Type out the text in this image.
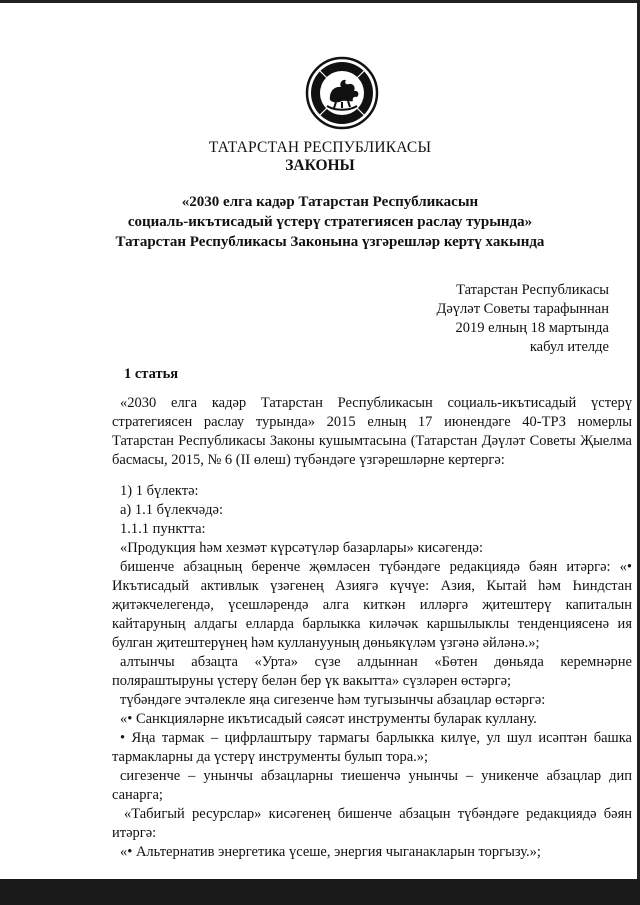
ТАТАРСТАН РЕСПУБЛИКАСЫ
ЗАКОНЫ
«2030 елга кадәр Татарстан Республикасын
социаль-икътисадый үстерү стратегиясен раслау турында»
Татарстан Республикасы Законына үзгәрешләр кертү хакында
Татарстан Республикасы
Дәүләт Советы тарафыннан
2019 елның 18 мартында
кабул ителде
1 статья

«2030 елга кадәр Татарстан Республикасын социаль-икътисадый үстерү стратегиясен раслау турында» 2015 елның 17 июнендәге 40-ТРЗ номерлы Татарстан Республикасы Законы кушымтасына (Татарстан Дәүләт Советы Җыелма басмасы, 2015, № 6 (II өлеш) түбәндәге үзгәрешләрне кертергә:

1) 1 бүлектә:

а) 1.1 бүлекчәдә:

1.1.1 пунктта:

«Продукция һәм хезмәт күрсәтүләр базарлары» кисәгендә:

бишенче абзацның беренче җөмләсен түбәндәге редакциядә бәян итәргә: «• Икътисадый активлык үзәгенең Азиягә күчүе: Азия, Кытай һәм Һиндстан җитәкчелегендә, үсешләрендә алга киткән илләргә җитештерү капиталын кайтаруның алдагы елларда барлыкка киләчәк каршылыклы тенденциясенә ия булган җитештерүнең һәм кулланууның дөньякүләм үзгәнә әйләнә.»;

алтынчы абзацта «Урта» сүзе алдыннан «Бөтен дөньяда керемнәрне поляраштыруны үстерү белән бер үк вакытта» сүзләрен өстәргә;

түбәндәге эчтәлекле яңа сигезенче һәм тугызынчы абзацлар өстәргә:

«• Санкцияләрне икътисадый сәясәт инструменты буларак куллану.

• Яңа тармак – цифрлаштыру тармагы барлыкка килүе, ул шул исәптән башка тармакларны да үстерү инструменты булып тора.»;

сигезенче – унынчы абзацларны тиешенчә унынчы – уникенче абзацлар дип санарга;

«Табигый ресурслар» кисәгенең бишенче абзацын түбәндәге редакциядә бәян итәргә:

«• Альтернатив энергетика үсеше, энергия чыганакларын торгызу.»;
